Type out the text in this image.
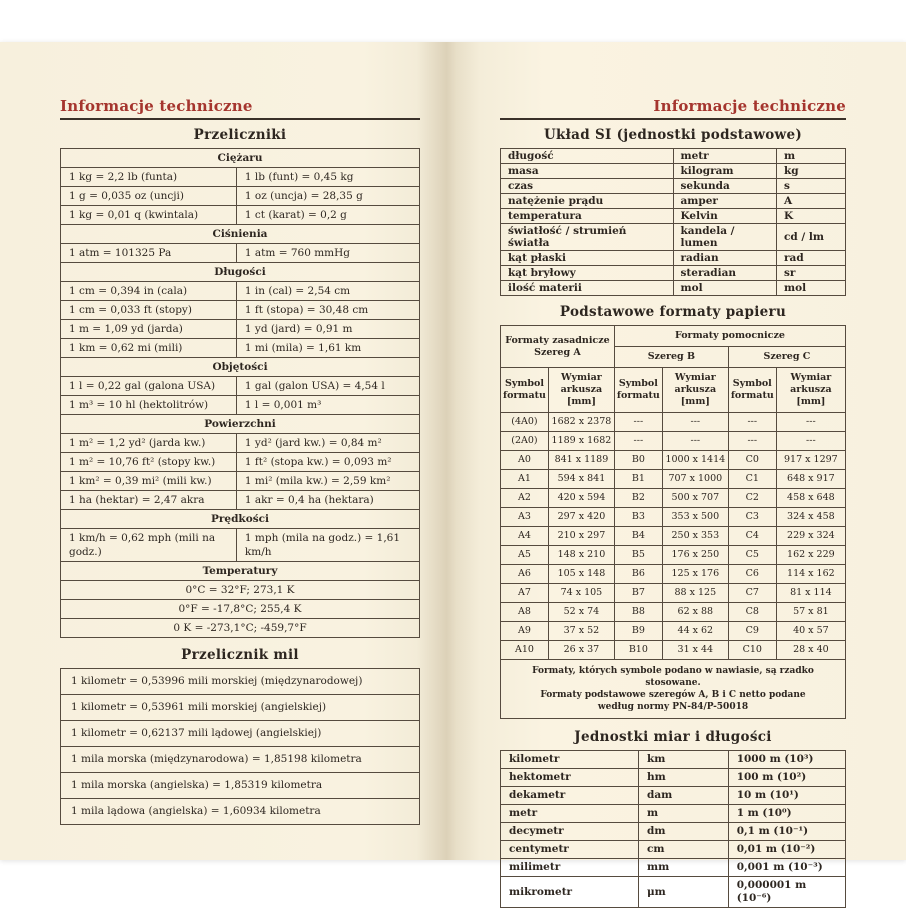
Informacje techniczne
Przeliczniki
Ciężaru	
1 kg = 2,2 lb (funta)	1 lb (funt) = 0,45 kg
1 g = 0,035 oz (uncji)	1 oz (uncja) = 28,35 g
1 kg = 0,01 q (kwintala)	1 ct (karat) = 0,2 g
Ciśnienia	
1 atm = 101325 Pa	1 atm = 760 mmHg
Długości	
1 cm = 0,394 in (cala)	1 in (cal) = 2,54 cm
1 cm = 0,033 ft (stopy)	1 ft (stopa) = 30,48 cm
1 m = 1,09 yd (jarda)	1 yd (jard) = 0,91 m
1 km = 0,62 mi (mili)	1 mi (mila) = 1,61 km
Objętości	
1 l = 0,22 gal (galona USA)	1 gal (galon USA) = 4,54 l
1 m³ = 10 hl (hektolitrów)	1 l = 0,001 m³
Powierzchni	
1 m² = 1,2 yd² (jarda kw.)	1 yd² (jard kw.) = 0,84 m²
1 m² = 10,76 ft² (stopy kw.)	1 ft² (stopa kw.) = 0,093 m²
1 km² = 0,39 mi² (mili kw.)	1 mi² (mila kw.) = 2,59 km²
1 ha (hektar) = 2,47 akra	1 akr = 0,4 ha (hektara)
Prędkości	
1 km/h = 0,62 mph (mili na godz.)	1 mph (mila na godz.) = 1,61 km/h
Temperatury	
0°C = 32°F; 273,1 K	
0°F = -17,8°C; 255,4 K	
0 K = -273,1°C; -459,7°F	
Przelicznik mil
1 kilometr = 0,53996 mili morskiej (międzynarodowej)
1 kilometr = 0,53961 mili morskiej (angielskiej)
1 kilometr = 0,62137 mili lądowej (angielskiej)
1 mila morska (międzynarodowa) = 1,85198 kilometra
1 mila morska (angielska) = 1,85319 kilometra
1 mila lądowa (angielska) = 1,60934 kilometra
Informacje techniczne
Układ SI (jednostki podstawowe)
długość	metr	m
masa	kilogram	kg
czas	sekunda	s
natężenie prądu	amper	A
temperatura	Kelvin	K
światłość / strumień światła	kandela / lumen	cd / lm
kąt płaski	radian	rad
kąt bryłowy	steradian	sr
ilość materii	mol	mol
Podstawowe formaty papieru
Formaty zasadnicze
Szereg A		Formaty pomocnicze			
		Szereg B		Szereg C	
Symbol formatu	Wymiar arkusza [mm]	Symbol formatu	Wymiar arkusza [mm]	Symbol formatu	Wymiar arkusza [mm]
(4A0)	1682 x 2378	---	---	---	---
(2A0)	1189 x 1682	---	---	---	---
A0	841 x 1189	B0	1000 x 1414	C0	917 x 1297
A1	594 x 841	B1	707 x 1000	C1	648 x 917
A2	420 x 594	B2	500 x 707	C2	458 x 648
A3	297 x 420	B3	353 x 500	C3	324 x 458
A4	210 x 297	B4	250 x 353	C4	229 x 324
A5	148 x 210	B5	176 x 250	C5	162 x 229
A6	105 x 148	B6	125 x 176	C6	114 x 162
A7	74 x 105	B7	88 x 125	C7	81 x 114
A8	52 x 74	B8	62 x 88	C8	57 x 81
A9	37 x 52	B9	44 x 62	C9	40 x 57
A10	26 x 37	B10	31 x 44	C10	28 x 40

Formaty, których symbole podano w nawiasie, są rzadko stosowane.
Formaty podstawowe szeregów A, B i C netto podane
według normy PN-84/P-50018					
Jednostki miar i długości
kilometr	km	1000 m (10³)
hektometr	hm	100 m (10²)
dekametr	dam	10 m (10¹)
metr	m	1 m (10⁰)
decymetr	dm	0,1 m (10⁻¹)
centymetr	cm	0,01 m (10⁻²)
milimetr	mm	0,001 m (10⁻³)
mikrometr	μm	0,000001 m (10⁻⁶)
